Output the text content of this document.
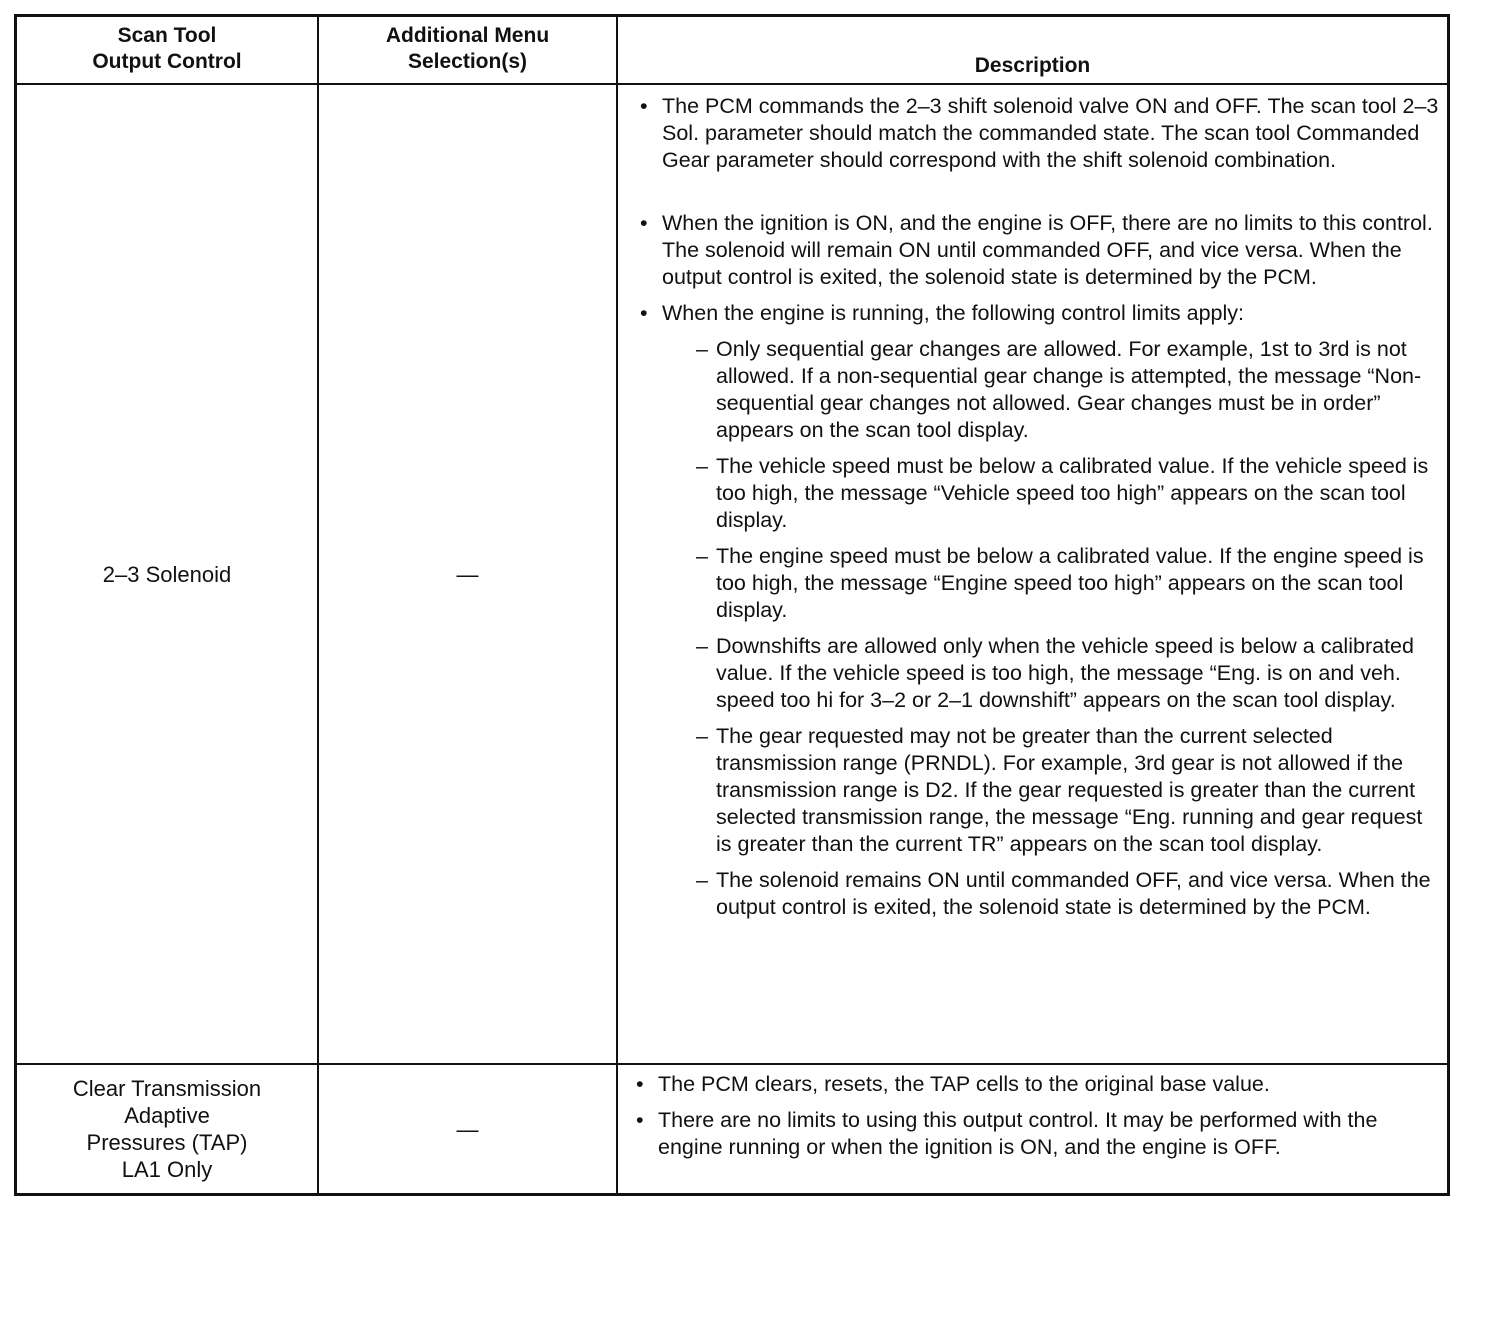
Scan Tool
Output Control
Additional Menu
Selection(s)	Description
2–3 Solenoid	—
• The PCM commands the 2–3 shift solenoid valve ON and OFF. The scan tool 2–3 Sol. parameter should match the commanded state. The scan tool Commanded Gear parameter should correspond with the shift solenoid combination.
• When the ignition is ON, and the engine is OFF, there are no limits to this control. The solenoid will remain ON until commanded OFF, and vice versa. When the output control is exited, the solenoid state is determined by the PCM.
• When the engine is running, the following control limits apply:
– Only sequential gear changes are allowed. For example, 1st to 3rd is not allowed. If a non-sequential gear change is attempted, the message “Non-sequential gear changes not allowed. Gear changes must be in order” appears on the scan tool display.
– The vehicle speed must be below a calibrated value. If the vehicle speed is too high, the message “Vehicle speed too high” appears on the scan tool display.
– The engine speed must be below a calibrated value. If the engine speed is too high, the message “Engine speed too high” appears on the scan tool display.
– Downshifts are allowed only when the vehicle speed is below a calibrated value. If the vehicle speed is too high, the message “Eng. is on and veh. speed too hi for 3–2 or 2–1 downshift” appears on the scan tool display.
– The gear requested may not be greater than the current selected transmission range (PRNDL). For example, 3rd gear is not allowed if the transmission range is D2. If the gear requested is greater than the current selected transmission range, the message “Eng. running and gear request is greater than the current TR” appears on the scan tool display.
– The solenoid remains ON until commanded OFF, and vice versa. When the output control is exited, the solenoid state is determined by the PCM.
Clear Transmission
Adaptive
Pressures (TAP)
LA1 Only
—
• The PCM clears, resets, the TAP cells to the original base value.
• There are no limits to using this output control. It may be performed with the engine running or when the ignition is ON, and the engine is OFF.
